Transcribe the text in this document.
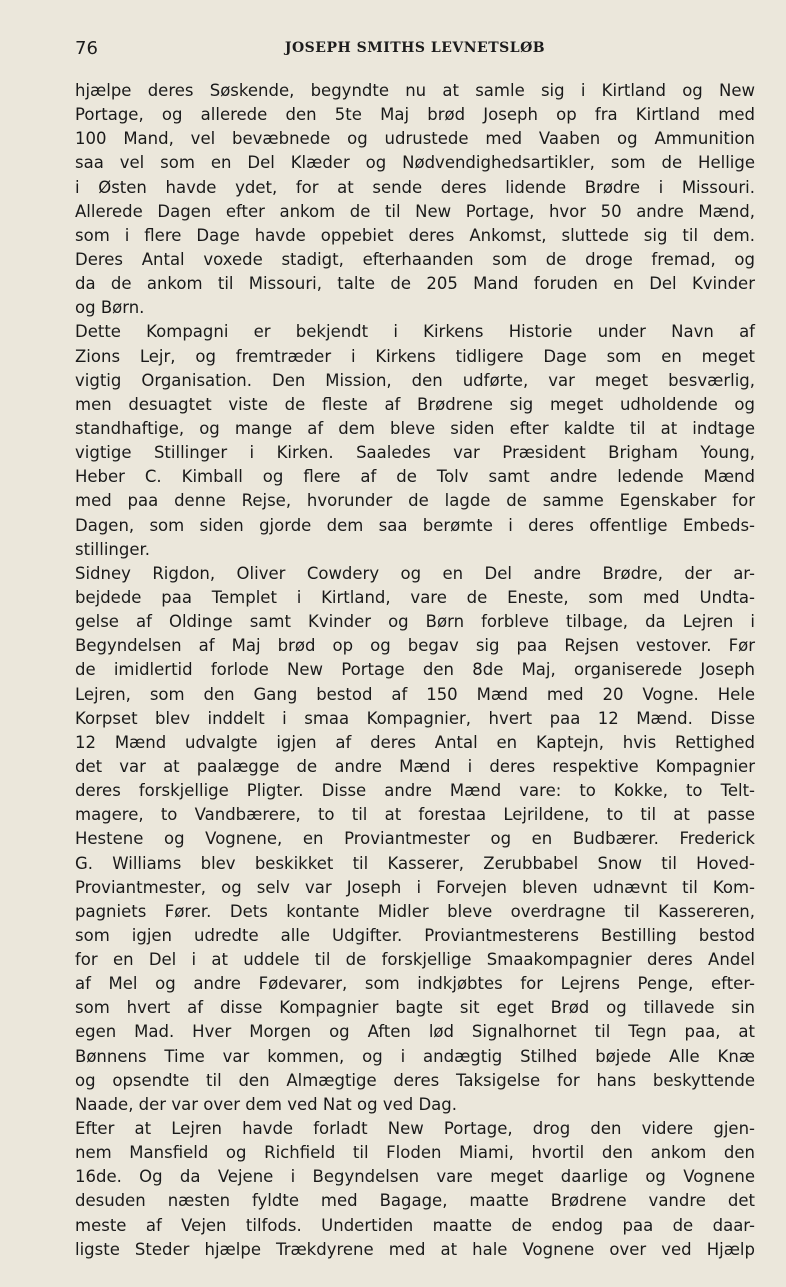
76	JOSEPH SMITHS LEVNETSLØB
hjælpe deres Søskende, begyndte nu at samle sig i Kirtland og New
Portage, og allerede den 5te Maj brød Joseph op fra Kirtland med
100 Mand, vel bevæbnede og udrustede med Vaaben og Ammunition
saa vel som en Del Klæder og Nødvendighedsartikler, som de Hellige
i Østen havde ydet, for at sende deres lidende Brødre i Missouri.
Allerede Dagen efter ankom de til New Portage, hvor 50 andre Mænd,
som i flere Dage havde oppebiet deres Ankomst, sluttede sig til dem.
Deres Antal voxede stadigt, efterhaanden som de droge fremad, og
da de ankom til Missouri, talte de 205 Mand foruden en Del Kvinder
og Børn.
Dette Kompagni er bekjendt i Kirkens Historie under Navn af
Zions Lejr, og fremtræder i Kirkens tidligere Dage som en meget
vigtig Organisation. Den Mission, den udførte, var meget besværlig,
men desuagtet viste de fleste af Brødrene sig meget udholdende og
standhaftige, og mange af dem bleve siden efter kaldte til at indtage
vigtige Stillinger i Kirken. Saaledes var Præsident Brigham Young,
Heber C. Kimball og flere af de Tolv samt andre ledende Mænd
med paa denne Rejse, hvorunder de lagde de samme Egenskaber for
Dagen, som siden gjorde dem saa berømte i deres offentlige Embeds-
stillinger.
Sidney Rigdon, Oliver Cowdery og en Del andre Brødre, der ar-
bejdede paa Templet i Kirtland, vare de Eneste, som med Undta-
gelse af Oldinge samt Kvinder og Børn forbleve tilbage, da Lejren i
Begyndelsen af Maj brød op og begav sig paa Rejsen vestover. Før
de imidlertid forlode New Portage den 8de Maj, organiserede Joseph
Lejren, som den Gang bestod af 150 Mænd med 20 Vogne. Hele
Korpset blev inddelt i smaa Kompagnier, hvert paa 12 Mænd. Disse
12 Mænd udvalgte igjen af deres Antal en Kaptejn, hvis Rettighed
det var at paalægge de andre Mænd i deres respektive Kompagnier
deres forskjellige Pligter. Disse andre Mænd vare: to Kokke, to Telt-
magere, to Vandbærere, to til at forestaa Lejrildene, to til at passe
Hestene og Vognene, en Proviantmester og en Budbærer. Frederick
G. Williams blev beskikket til Kasserer, Zerubbabel Snow til Hoved-
Proviantmester, og selv var Joseph i Forvejen bleven udnævnt til Kom-
pagniets Fører. Dets kontante Midler bleve overdragne til Kassereren,
som igjen udredte alle Udgifter. Proviantmesterens Bestilling bestod
for en Del i at uddele til de forskjellige Smaakompagnier deres Andel
af Mel og andre Fødevarer, som indkjøbtes for Lejrens Penge, efter-
som hvert af disse Kompagnier bagte sit eget Brød og tillavede sin
egen Mad. Hver Morgen og Aften lød Signalhornet til Tegn paa, at
Bønnens Time var kommen, og i andægtig Stilhed bøjede Alle Knæ
og opsendte til den Almægtige deres Taksigelse for hans beskyttende
Naade, der var over dem ved Nat og ved Dag.
Efter at Lejren havde forladt New Portage, drog den videre gjen-
nem Mansfield og Richfield til Floden Miami, hvortil den ankom den
16de. Og da Vejene i Begyndelsen vare meget daarlige og Vognene
desuden næsten fyldte med Bagage, maatte Brødrene vandre det
meste af Vejen tilfods. Undertiden maatte de endog paa de daar-
ligste Steder hjælpe Trækdyrene med at hale Vognene over ved Hjælp
